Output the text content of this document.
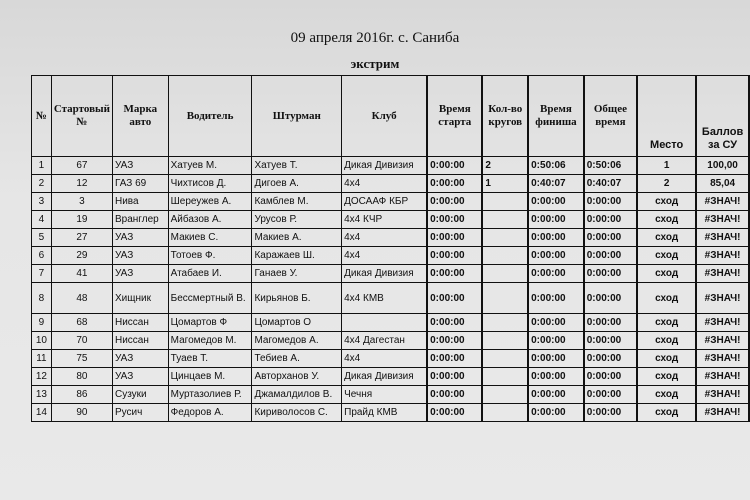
09 апреля 2016г. с. Саниба
экстрим
№	Стартовый №	Марка авто	Водитель	Штурман	Клуб	Время старта	Кол-во кругов	Время финиша	Общее время	Место	Баллов за СУ
1	67	УАЗ	Хатуев М.	Хатуев Т.	Дикая Дивизия	0:00:00	2	0:50:06	0:50:06	1	100,00
2	12	ГАЗ 69	Чихтисов Д.	Дигоев А.	4x4	0:00:00	1	0:40:07	0:40:07	2	85,04
3	3	Нива	Шереужев А.	Камблев М.	ДОСААФ КБР	0:00:00		0:00:00	0:00:00	сход	#ЗНАЧ!
4	19	Вранглер	Айбазов А.	Урусов Р.	4x4 КЧР	0:00:00		0:00:00	0:00:00	сход	#ЗНАЧ!
5	27	УАЗ	Макиев С.	Макиев А.	4x4	0:00:00		0:00:00	0:00:00	сход	#ЗНАЧ!
6	29	УАЗ	Тотоев Ф.	Каражаев Ш.	4x4	0:00:00		0:00:00	0:00:00	сход	#ЗНАЧ!
7	41	УАЗ	Атабаев И.	Ганаев У.	Дикая Дивизия	0:00:00		0:00:00	0:00:00	сход	#ЗНАЧ!
8	48	Хищник	Бессмертный В.	Кирьянов Б.	4x4 КМВ	0:00:00		0:00:00	0:00:00	сход	#ЗНАЧ!
9	68	Ниссан	Цомартов Ф	Цомартов О		0:00:00		0:00:00	0:00:00	сход	#ЗНАЧ!
10	70	Ниссан	Магомедов М.	Магомедов А.	4x4 Дагестан	0:00:00		0:00:00	0:00:00	сход	#ЗНАЧ!
11	75	УАЗ	Туаев Т.	Тебиев А.	4x4	0:00:00		0:00:00	0:00:00	сход	#ЗНАЧ!
12	80	УАЗ	Цинцаев М.	Авторханов У.	Дикая Дивизия	0:00:00		0:00:00	0:00:00	сход	#ЗНАЧ!
13	86	Сузуки	Муртазолиев Р.	Джамалдилов В.	Чечня	0:00:00		0:00:00	0:00:00	сход	#ЗНАЧ!
14	90	Русич	Федоров А.	Кириволосов С.	Прайд КМВ	0:00:00		0:00:00	0:00:00	сход	#ЗНАЧ!
